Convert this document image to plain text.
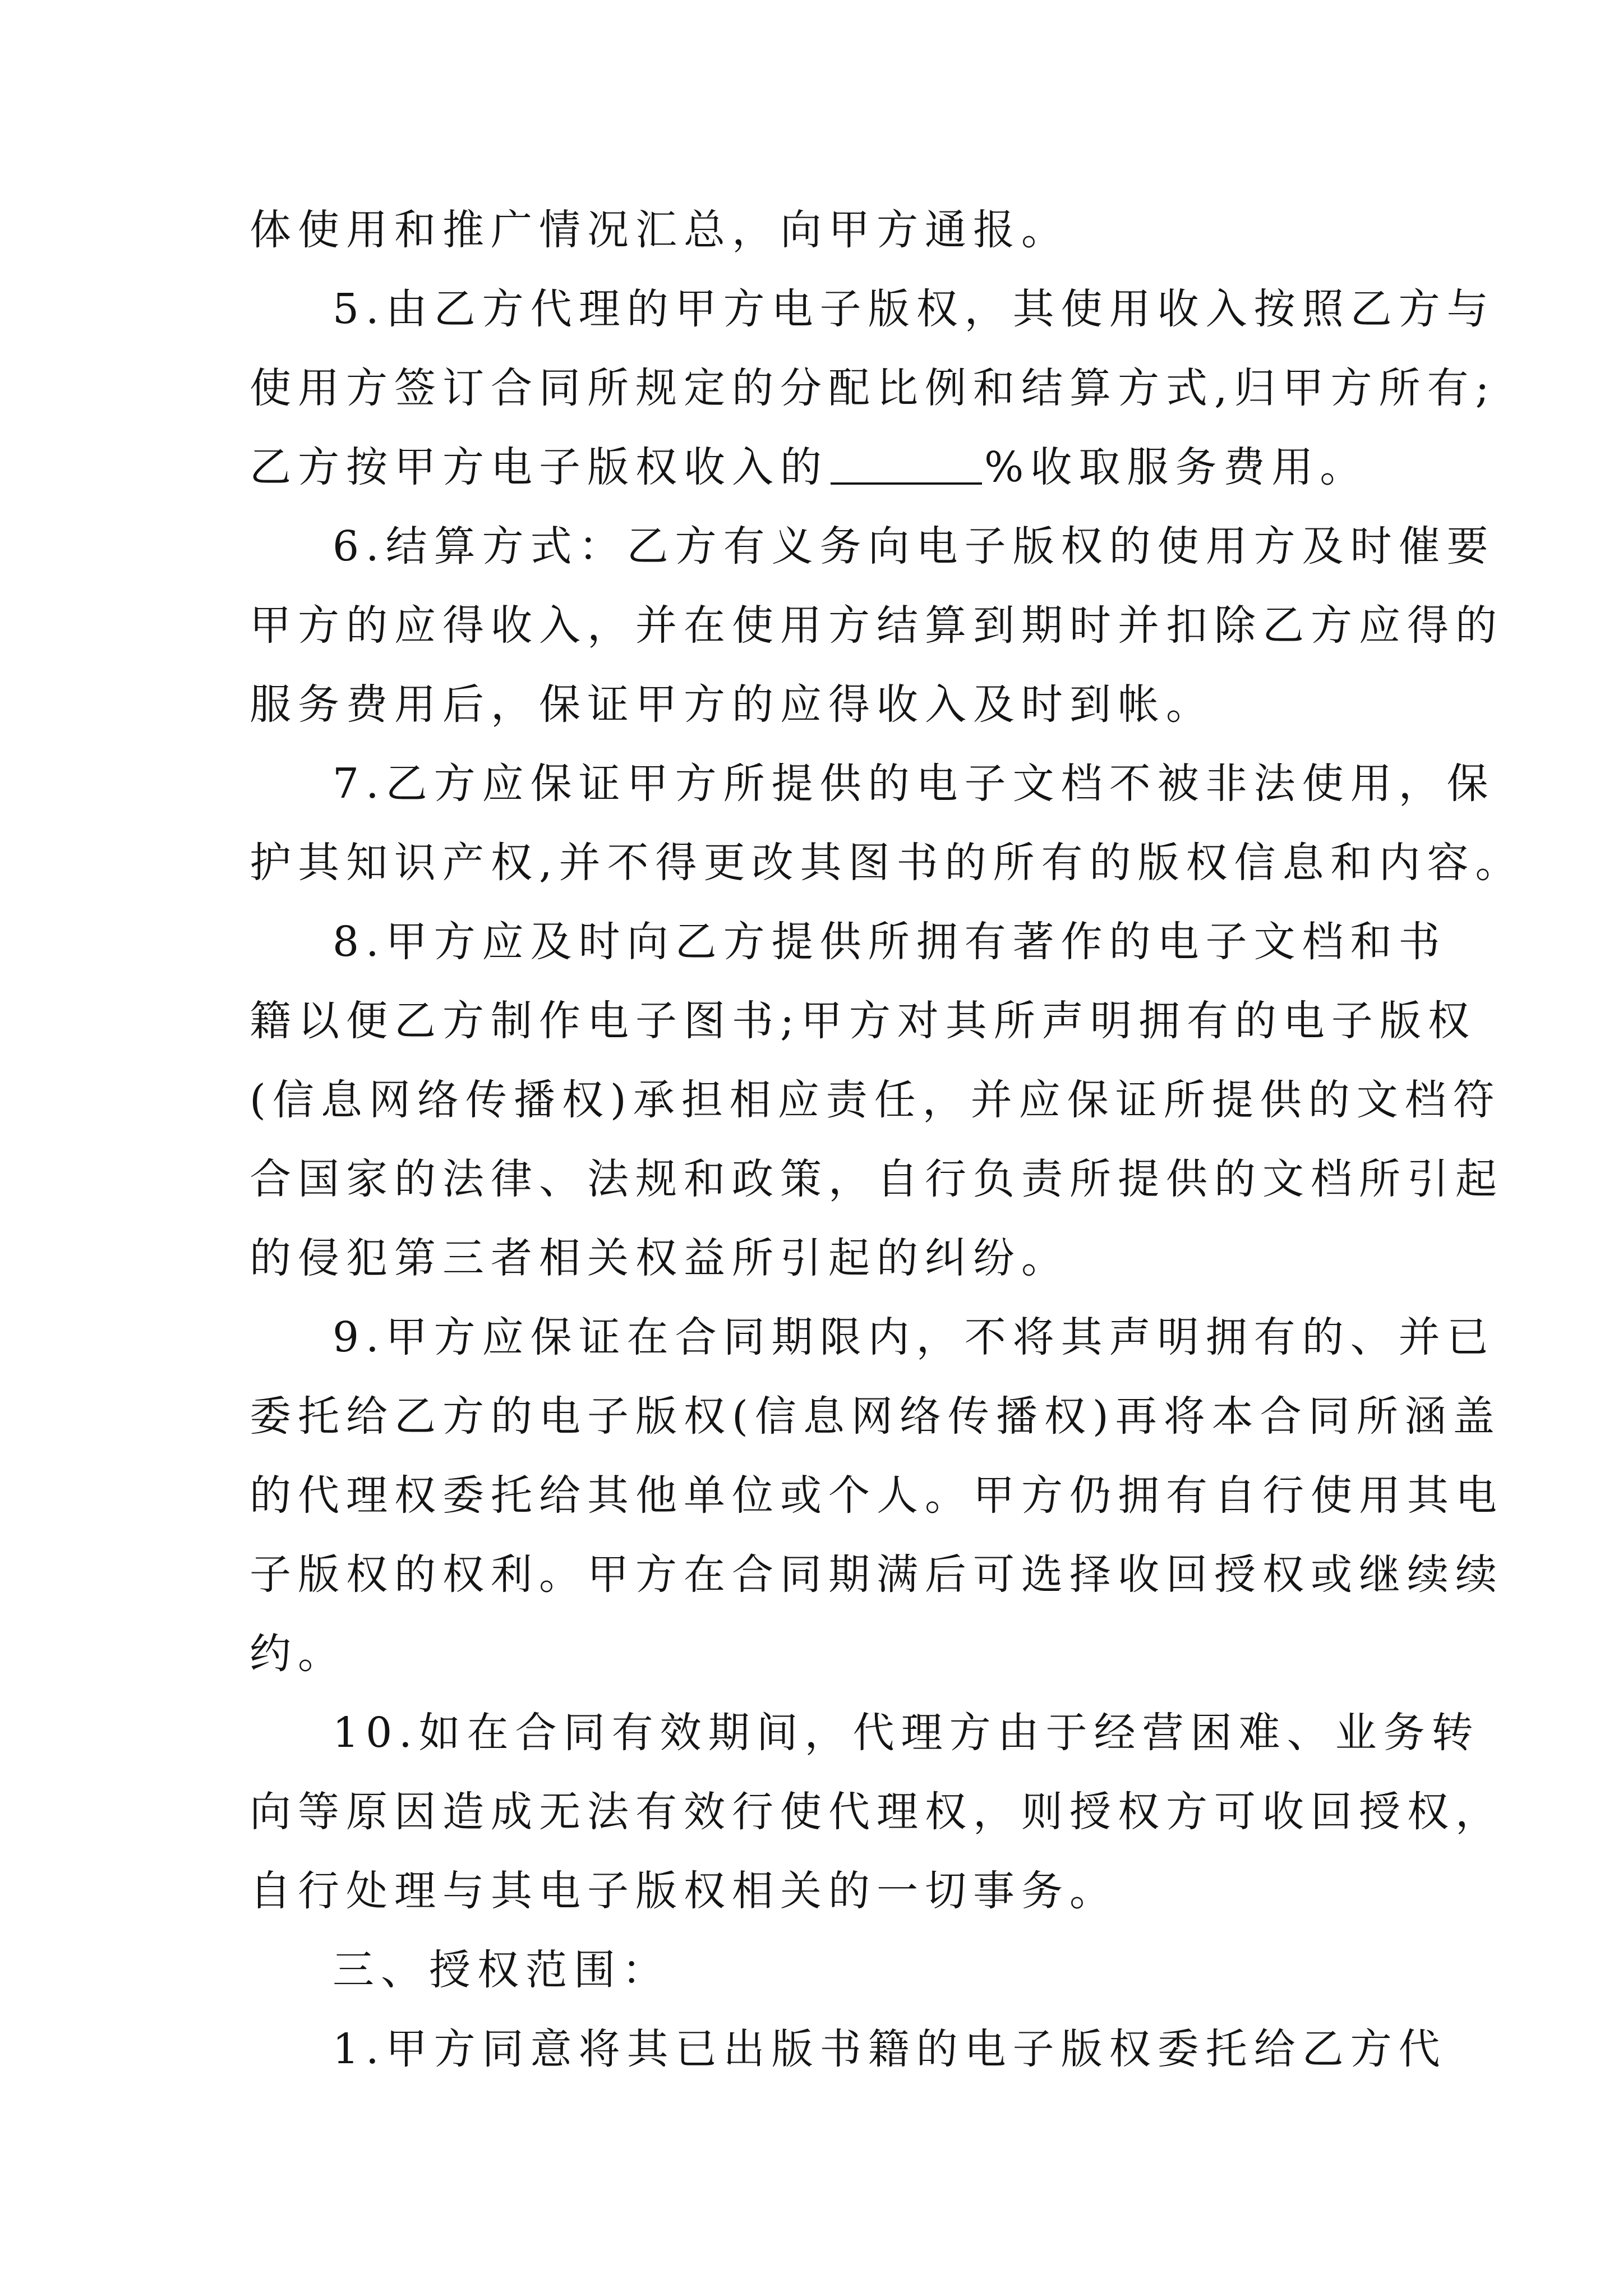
体使用和推广情况汇总，向甲方通报。
5.由乙方代理的甲方电子版权，其使用收入按照乙方与
使用方签订合同所规定的分配比例和结算方式,归甲方所有;
乙方按甲方电子版权收入的	%收取服务费用。
6.结算方式：乙方有义务向电子版权的使用方及时催要
甲方的应得收入，并在使用方结算到期时并扣除乙方应得的
服务费用后，保证甲方的应得收入及时到帐。
7.乙方应保证甲方所提供的电子文档不被非法使用，保
护其知识产权,并不得更改其图书的所有的版权信息和内容。
8.甲方应及时向乙方提供所拥有著作的电子文档和书
籍以便乙方制作电子图书;甲方对其所声明拥有的电子版权
(信息网络传播权)承担相应责任，并应保证所提供的文档符
合国家的法律、法规和政策，自行负责所提供的文档所引起
的侵犯第三者相关权益所引起的纠纷。
9.甲方应保证在合同期限内，不将其声明拥有的、并已
委托给乙方的电子版权(信息网络传播权)再将本合同所涵盖
的代理权委托给其他单位或个人。甲方仍拥有自行使用其电
子版权的权利。甲方在合同期满后可选择收回授权或继续续
约。
10.如在合同有效期间，代理方由于经营困难、业务转
向等原因造成无法有效行使代理权，则授权方可收回授权，
自行处理与其电子版权相关的一切事务。
三、授权范围：
1.甲方同意将其已出版书籍的电子版权委托给乙方代
